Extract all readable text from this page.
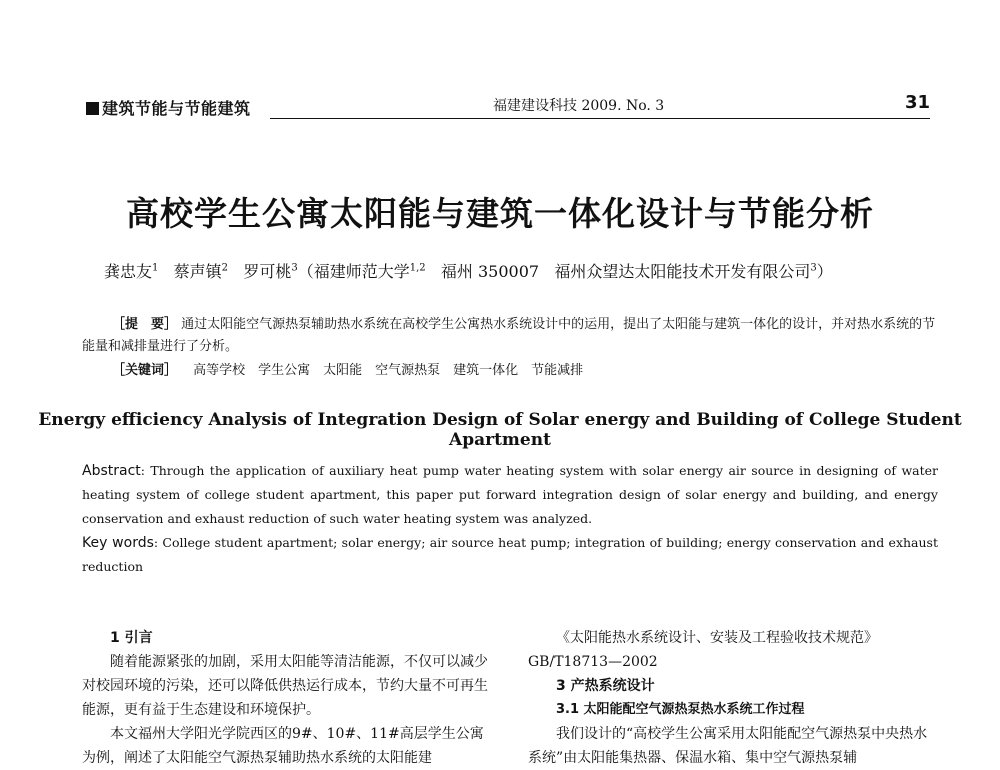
建筑节能与节能建筑	福建建设科技 2009. No. 3	31
高校学生公寓太阳能与建筑一体化设计与节能分析
龚忠友$^1$ 蔡声镇$^2$ 罗可桃$^3$（福建师范大学$^{1,2}$ 福州 350007 福州众望达太阳能技术开发有限公司$^3$）
［提　要］ 通过太阳能空气源热泵辅助热水系统在高校学生公寓热水系统设计中的运用，提出了太阳能与建筑一体化的设计，并对热水系统的节能量和减排量进行了分析。
［关键词］ 高等学校　学生公寓　太阳能　空气源热泵　建筑一体化　节能减排
Energy efficiency Analysis of Integration Design of Solar energy and Building of College Student Apartment
Abstract: Through the application of auxiliary heat pump water heating system with solar energy air source in designing of water heating system of college student apartment, this paper put forward integration design of solar energy and building, and energy conservation and exhaust reduction of such water heating system was analyzed.
Key words: College student apartment; solar energy; air source heat pump; integration of building; energy conservation and exhaust reduction

1 引言

随着能源紧张的加剧，采用太阳能等清洁能源，不仅可以减少对校园环境的污染，还可以降低供热运行成本，节约大量不可再生能源，更有益于生态建设和环境保护。

本文福州大学阳光学院西区的9#、10#、11#高层学生公寓为例，阐述了太阳能空气源热泵辅助热水系统的太阳能建

《太阳能热水系统设计、安装及工程验收技术规范》GB/T18713—2002

3 产热系统设计

3.1 太阳能配空气源热泵热水系统工作过程

我们设计的“高校学生公寓采用太阳能配空气源热泵中央热水系统”由太阳能集热器、保温水箱、集中空气源热泵辅
